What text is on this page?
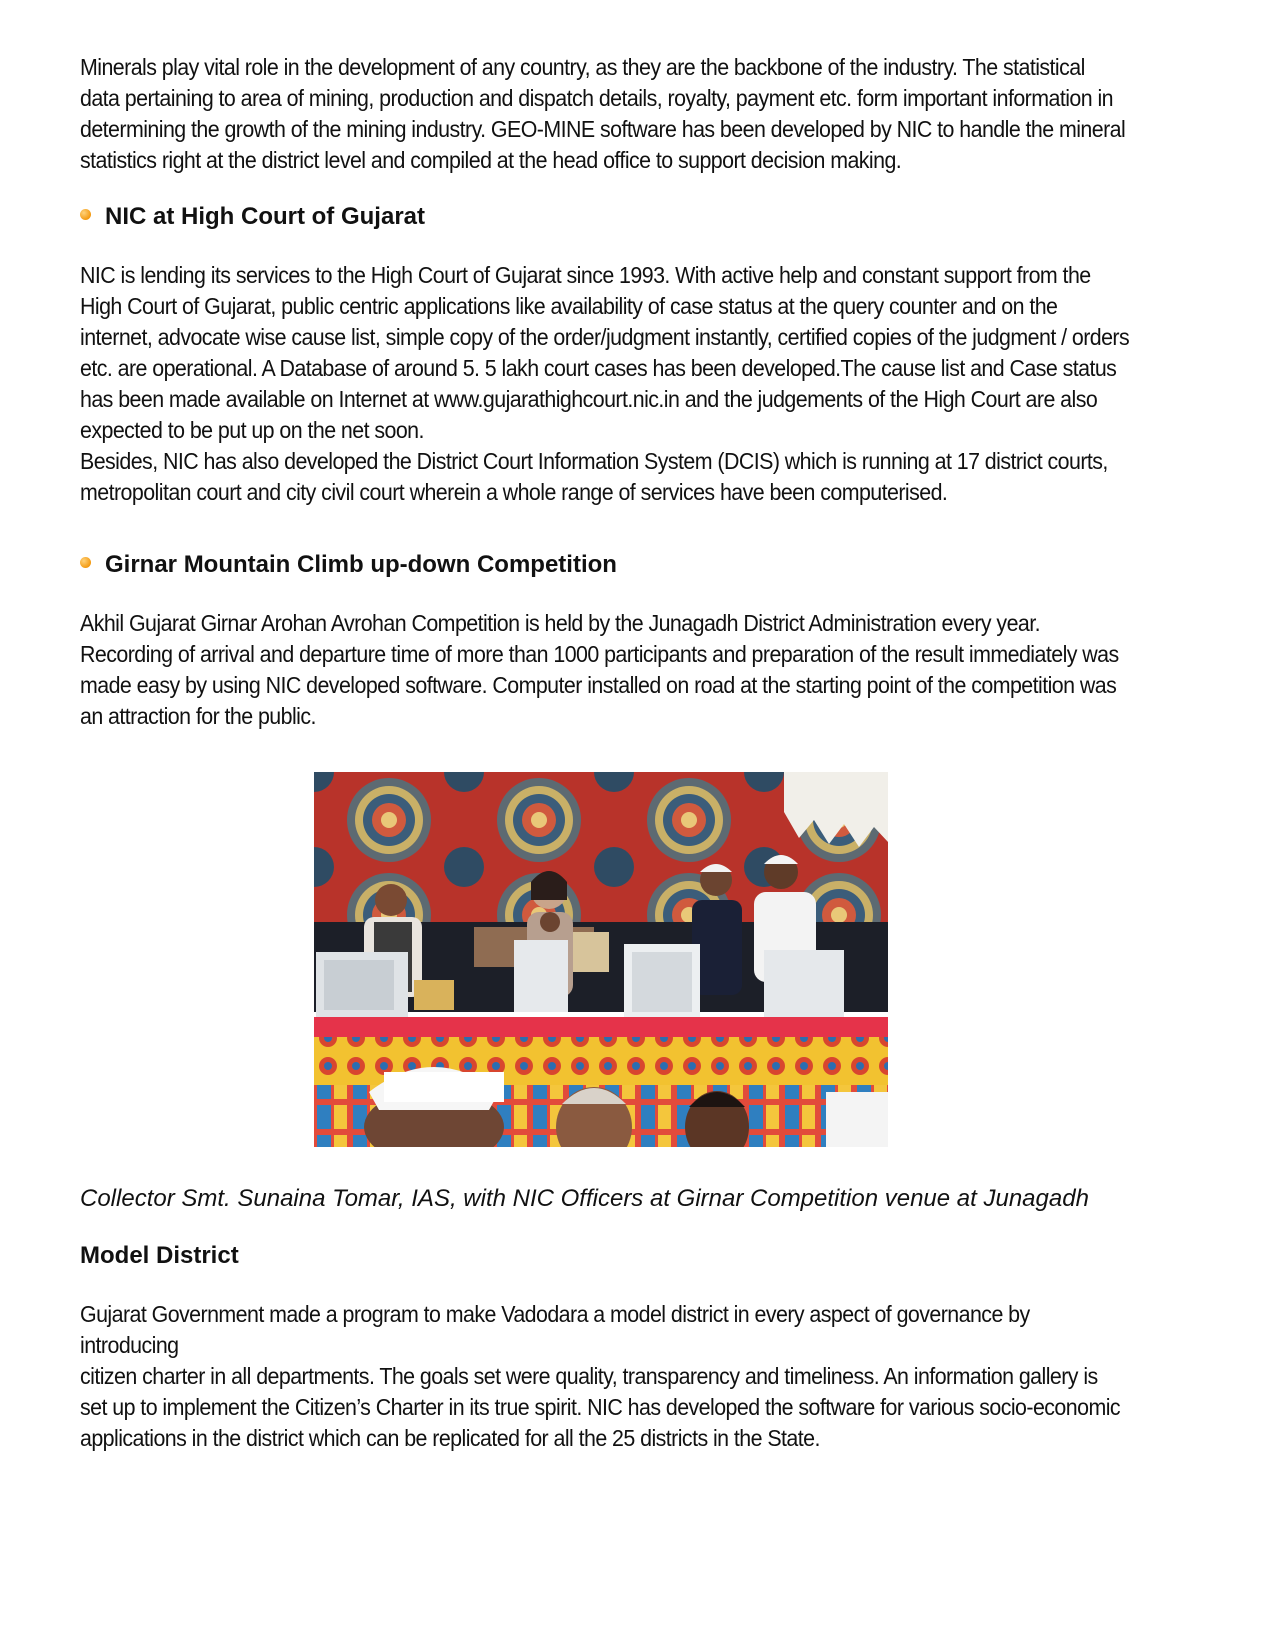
Minerals play vital role in the development of any country, as they are the backbone of the industry. The statistical
data pertaining to area of mining, production and dispatch details, royalty, payment etc. form important information in
determining the growth of the mining industry. GEO-MINE software has been developed by NIC to handle the mineral
statistics right at the district level and compiled at the head office to support decision making.
NIC at High Court of Gujarat
NIC is lending its services to the High Court of Gujarat since 1993. With active help and constant support from the
High Court of Gujarat, public centric applications like availability of case status at the query counter and on the
internet, advocate wise cause list, simple copy of the order/judgment instantly, certified copies of the judgment / orders
etc. are operational. A Database of around 5. 5 lakh court cases has been developed.The cause list and Case status
has been made available on Internet at www.gujarathighcourt.nic.in and the judgements of the High Court are also
expected to be put up on the net soon.
Besides, NIC has also developed the District Court Information System (DCIS) which is running at 17 district courts,
metropolitan court and city civil court wherein a whole range of services have been computerised.
Girnar Mountain Climb up-down Competition
Akhil Gujarat Girnar Arohan Avrohan Competition is held by the Junagadh District Administration every year.
Recording of arrival and departure time of more than 1000 participants and preparation of the result immediately was
made easy by using NIC developed software. Computer installed on road at the starting point of the competition was
an attraction for the public.
Collector Smt. Sunaina Tomar, IAS, with NIC Officers at Girnar Competition venue at Junagadh
Model District
Gujarat Government made a program to make Vadodara a model district in every aspect of governance by introducing
citizen charter in all departments. The goals set were quality, transparency and timeliness. An information gallery is
set up to implement the Citizen’s Charter in its true spirit. NIC has developed the software for various socio-economic
applications in the district which can be replicated for all the 25 districts in the State.
